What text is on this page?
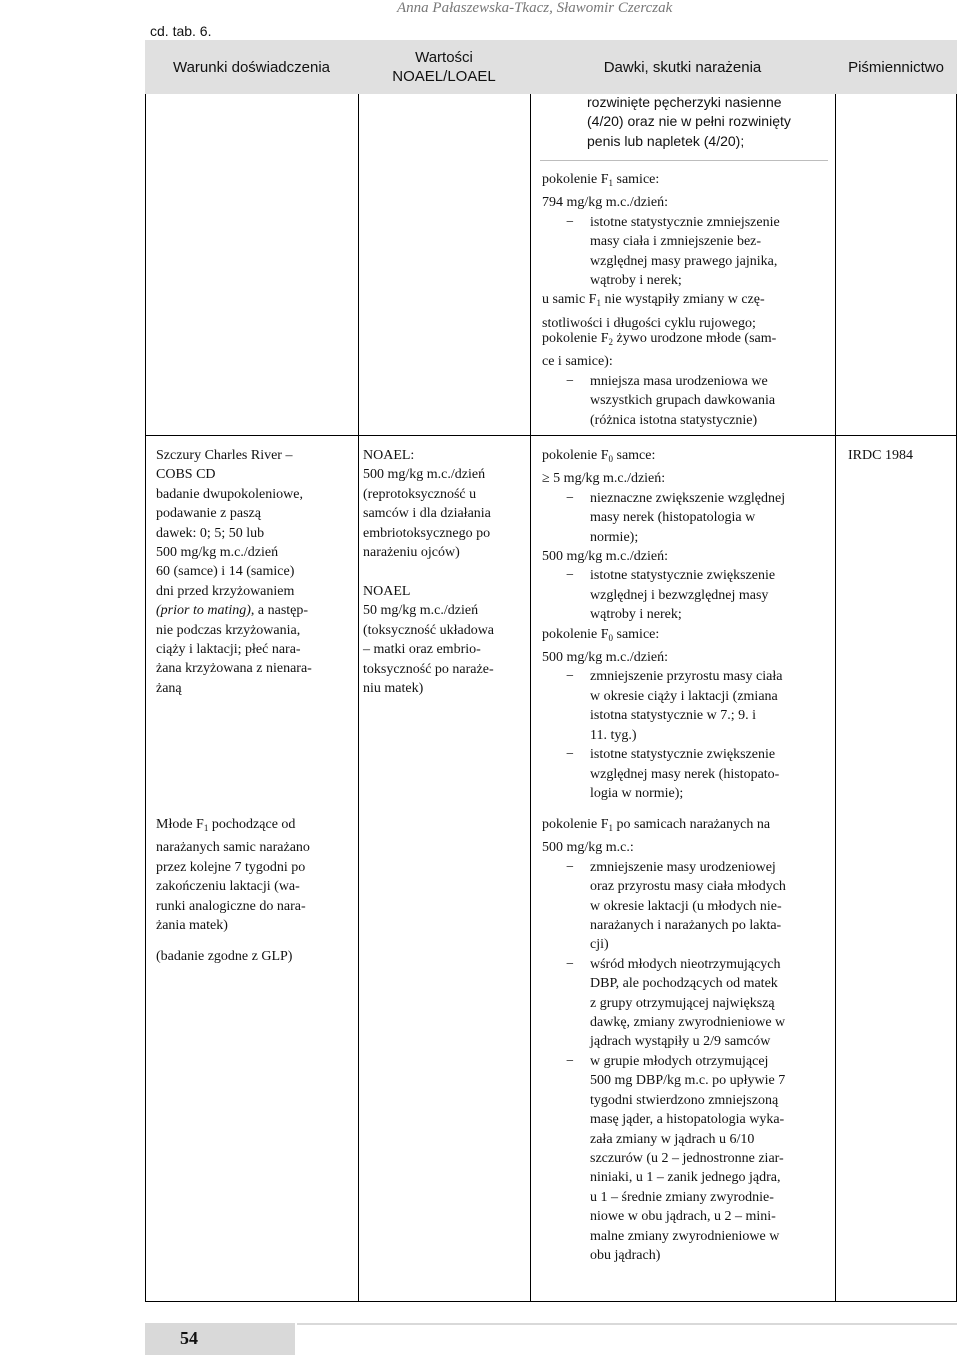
cd. tab. 6.
Anna Pałaszewska-Tkacz, Sławomir Czerczak
Warunki doświadczenia
Wartości
NOAEL/LOAEL
Dawki, skutki narażenia	Piśmiennictwo
rozwinięte pęcherzyki nasienne
(4/20) oraz nie w pełni rozwinięty
penis lub napletek (4/20);
pokolenie $F_1$ samice:
794 mg/kg m.c./dzień:
− istotne statystycznie zmniejszenie
masy ciała i zmniejszenie bez-
względnej masy prawego jajnika,
wątroby i nerek;
u samic $F_1$ nie wystąpiły zmiany w czę-
stotliwości i długości cyklu rujowego;
pokolenie $F_2$ żywo urodzone młode (sam-
ce i samice):
− mniejsza masa urodzeniowa we
wszystkich grupach dawkowania
(różnica istotna statystycznie)
Szczury Charles River –
COBS CD
badanie dwupokoleniowe,
podawanie z paszą
dawek: 0; 5; 50 lub
500 mg/kg m.c./dzień
60 (samce) i 14 (samice)
dni przed krzyżowaniem
(prior to mating), a następ-
nie podczas krzyżowania,
ciąży i laktacji; płeć nara-
żana krzyżowana z nienara-
żaną
Młode $F_1$ pochodzące od
narażanych samic narażano
przez kolejne 7 tygodni po
zakończeniu laktacji (wa-
runki analogiczne do nara-
żania matek)
(badanie zgodne z GLP)
NOAEL:
500 mg/kg m.c./dzień
(reprotoksyczność u
samców i dla działania
embriotoksycznego po
narażeniu ojców)
NOAEL
50 mg/kg m.c./dzień
(toksyczność układowa
– matki oraz embrio-
toksyczność po naraże-
niu matek)
pokolenie $F_0$ samce:
≥ 5 mg/kg m.c./dzień:
− nieznaczne zwiększenie względnej
masy nerek (histopatologia w
normie);
500 mg/kg m.c./dzień:
− istotne statystycznie zwiększenie
względnej i bezwzględnej masy
wątroby i nerek;
pokolenie $F_0$ samice:
500 mg/kg m.c./dzień:
− zmniejszenie przyrostu masy ciała
w okresie ciąży i laktacji (zmiana
istotna statystycznie w 7.; 9. i
11. tyg.)
− istotne statystycznie zwiększenie
względnej masy nerek (histopato-
logia w normie);
pokolenie $F_1$ po samicach narażanych na
500 mg/kg m.c.:
− zmniejszenie masy urodzeniowej
oraz przyrostu masy ciała młodych
w okresie laktacji (u młodych nie-
narażanych i narażanych po lakta-
cji)
− wśród młodych nieotrzymujących
DBP, ale pochodzących od matek
z grupy otrzymującej największą
dawkę, zmiany zwyrodnieniowe w
jądrach wystąpiły u 2/9 samców
− w grupie młodych otrzymującej
500 mg DBP/kg m.c. po upływie 7
tygodni stwierdzono zmniejszoną
masę jąder, a histopatologia wyka-
zała zmiany w jądrach u 6/10
szczurów (u 2 – jednostronne ziar-
niniaki, u 1 – zanik jednego jądra,
u 1 – średnie zmiany zwyrodnie-
niowe w obu jądrach, u 2 – mini-
malne zmiany zwyrodnieniowe w
obu jądrach)
IRDC 1984
54
